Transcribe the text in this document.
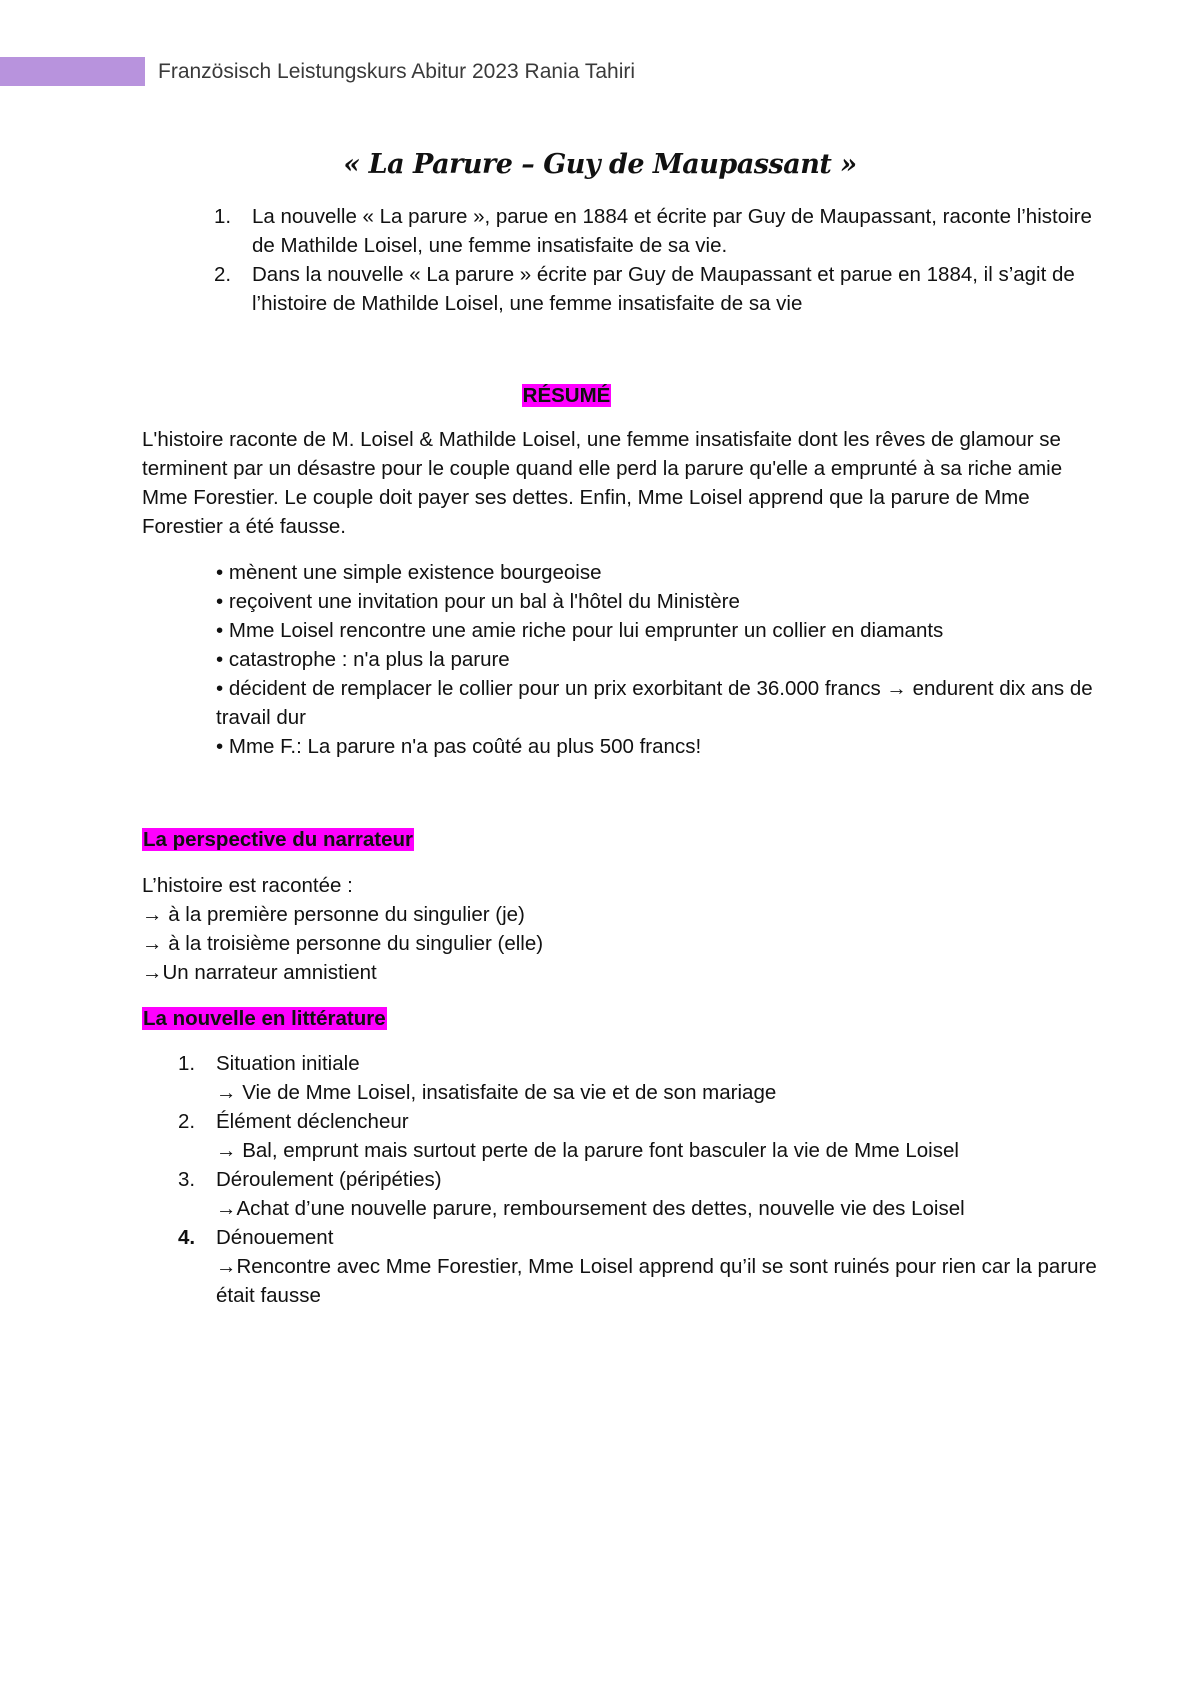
Französisch Leistungskurs Abitur 2023 Rania Tahiri
« La Parure – Guy de Maupassant »
1. La nouvelle « La parure », parue en 1884 et écrite par Guy de Maupassant, raconte l’histoire de Mathilde Loisel, une femme insatisfaite de sa vie.
2. Dans la nouvelle « La parure » écrite par Guy de Maupassant et parue en 1884, il s’agit de l’histoire de Mathilde Loisel, une femme insatisfaite de sa vie
RÉSUMÉ

L'histoire raconte de M. Loisel & Mathilde Loisel, une femme insatisfaite dont les rêves de glamour se terminent par un désastre pour le couple quand elle perd la parure qu'elle a emprunté à sa riche amie Mme Forestier. Le couple doit payer ses dettes. Enfin, Mme Loisel apprend que la parure de Mme Forestier a été fausse.

• mènent une simple existence bourgeoise
• reçoivent une invitation pour un bal à l'hôtel du Ministère
• Mme Loisel rencontre une amie riche pour lui emprunter un collier en diamants
• catastrophe : n'a plus la parure
• décident de remplacer le collier pour un prix exorbitant de 36.000 francs → endurent dix ans de travail dur
• Mme F.: La parure n'a pas coûté au plus 500 francs!
La perspective du narrateur
L’histoire est racontée :
→ à la première personne du singulier (je)
→ à la troisième personne du singulier (elle)
→Un narrateur amnistient
La nouvelle en littérature
1. Situation initiale
→ Vie de Mme Loisel, insatisfaite de sa vie et de son mariage
2. Élément déclencheur
→ Bal, emprunt mais surtout perte de la parure font basculer la vie de Mme Loisel
3. Déroulement (péripéties)
→Achat d’une nouvelle parure, remboursement des dettes, nouvelle vie des Loisel
4. Dénouement
→Rencontre avec Mme Forestier, Mme Loisel apprend qu’il se sont ruinés pour rien car la parure était fausse
